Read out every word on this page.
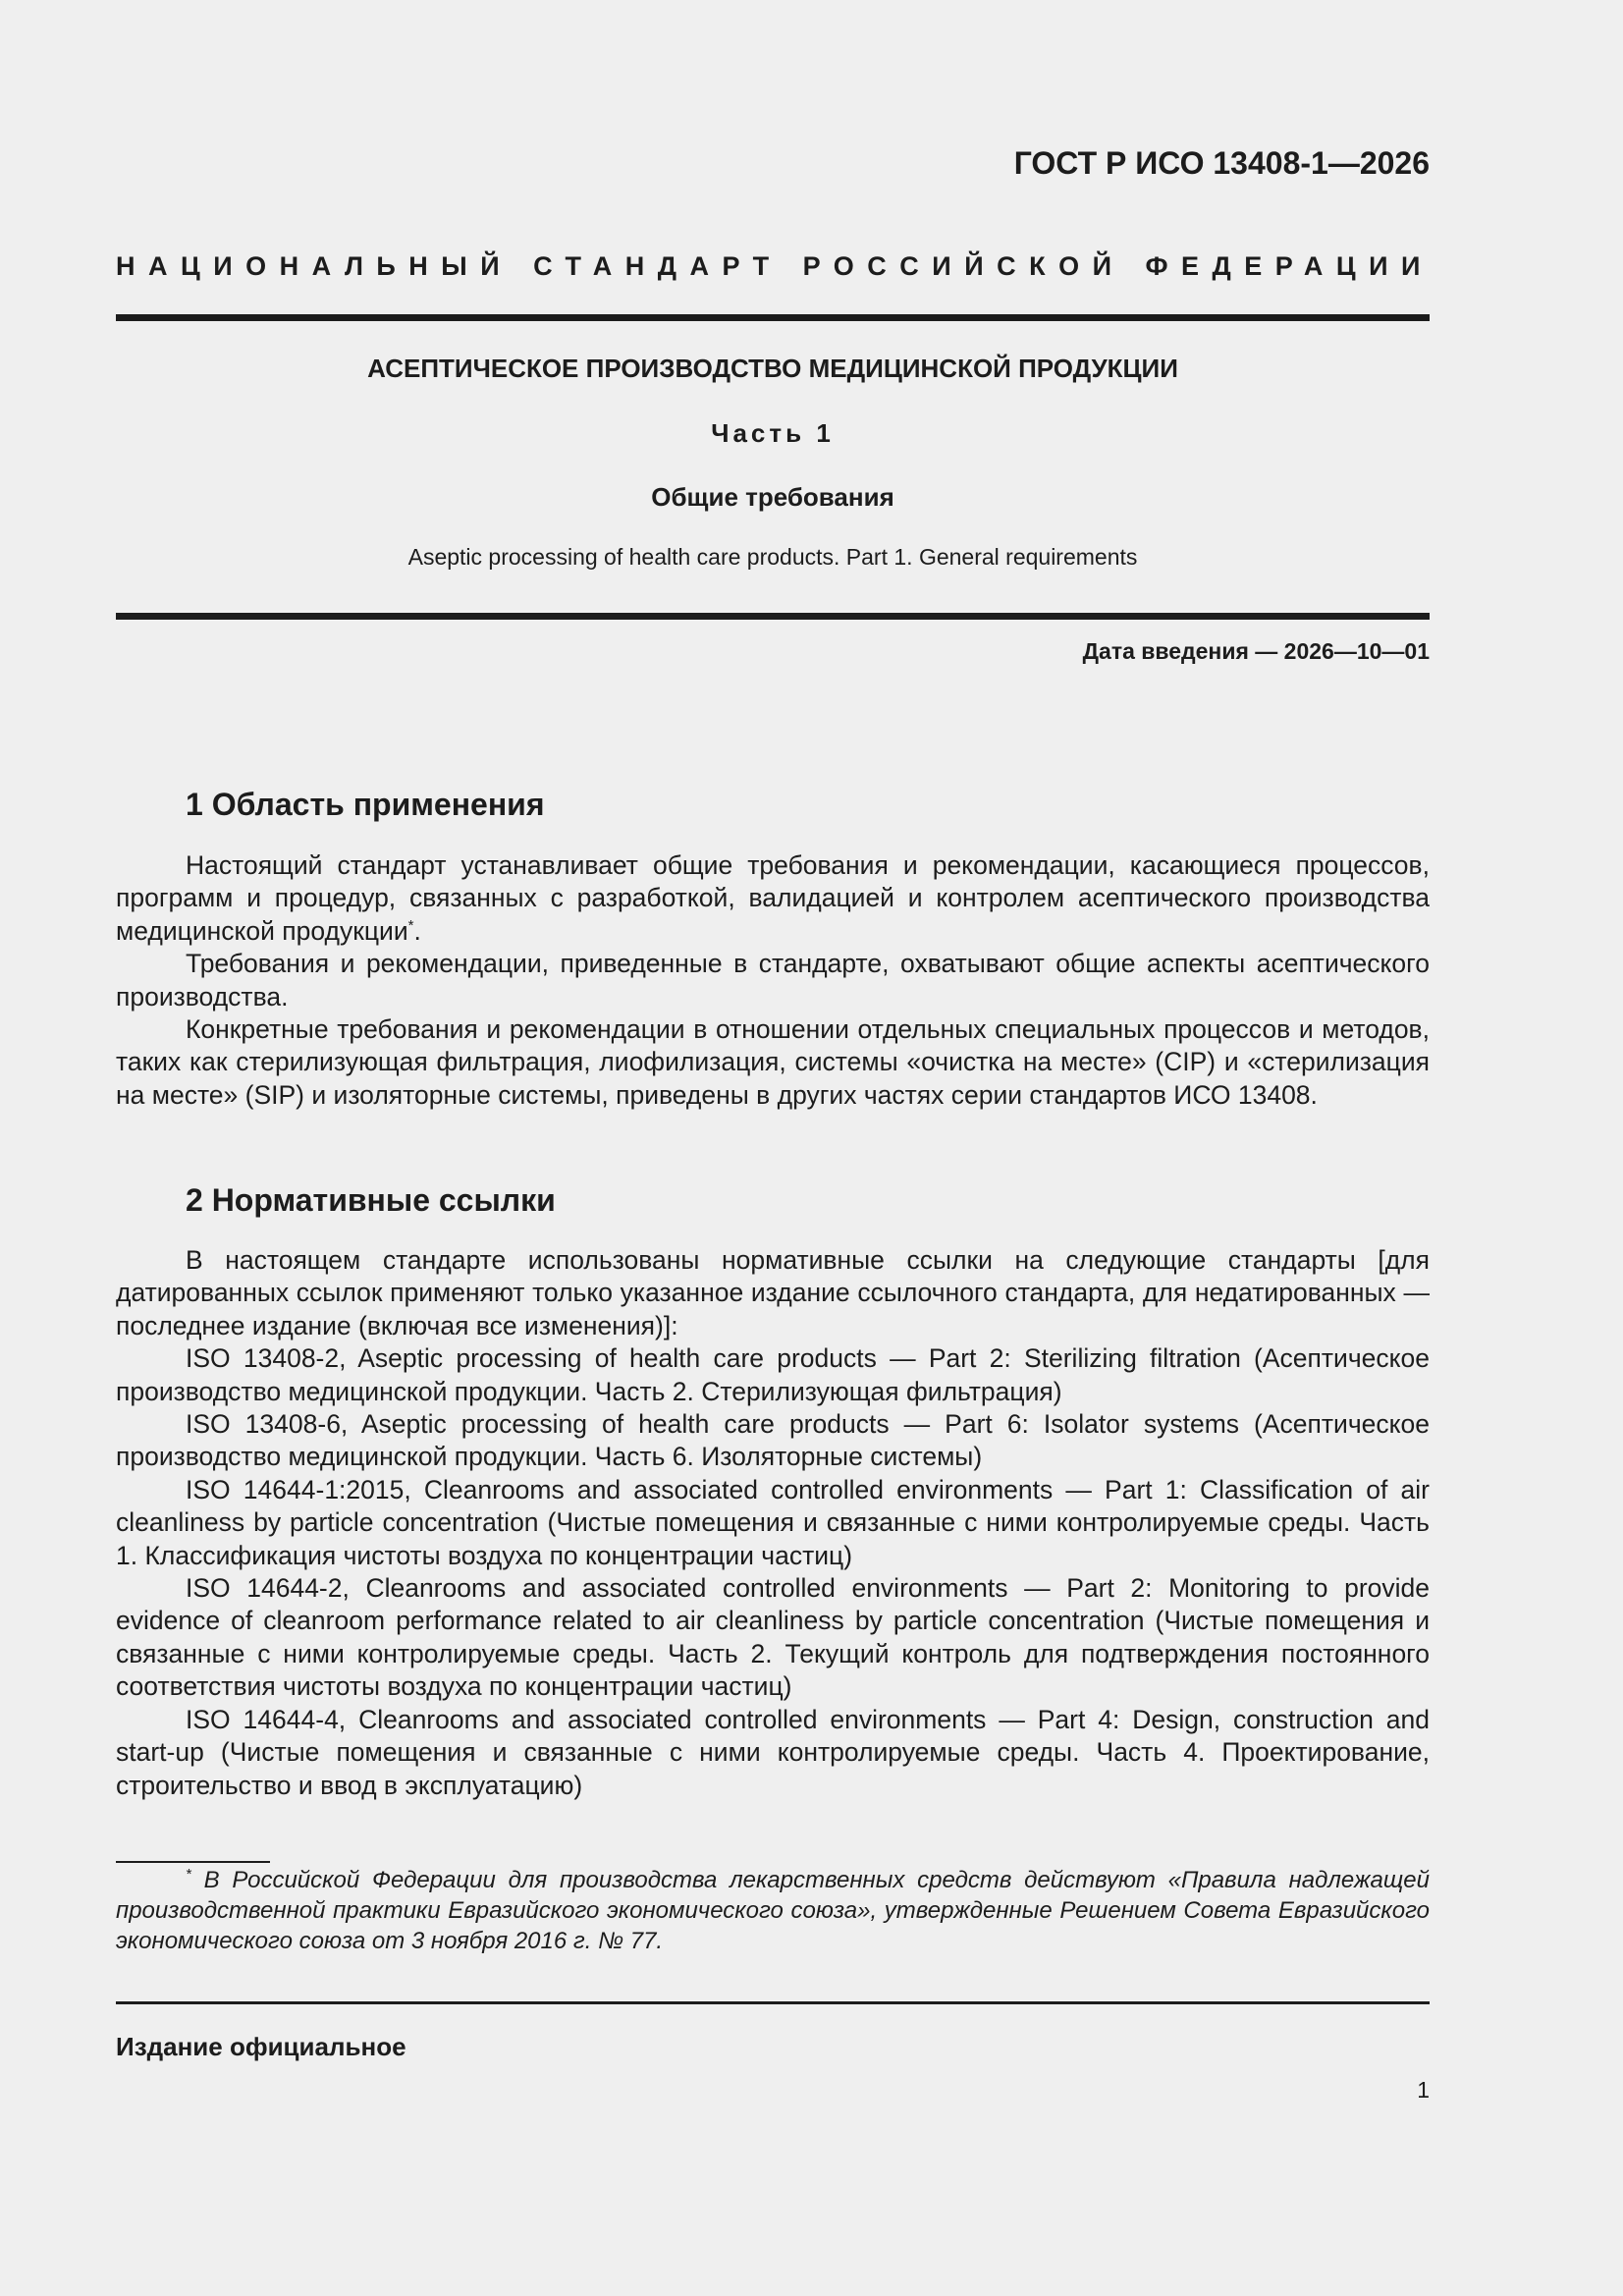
ГОСТ Р ИСО 13408-1—2026
НАЦИОНАЛЬНЫЙ СТАНДАРТ РОССИЙСКОЙ ФЕДЕРАЦИИ
АСЕПТИЧЕСКОЕ ПРОИЗВОДСТВО МЕДИЦИНСКОЙ ПРОДУКЦИИ
Часть 1
Общие требования
Aseptic processing of health care products. Part 1. General requirements
Дата введения — 2026—10—01
1 Область применения

Настоящий стандарт устанавливает общие требования и рекомендации, касающиеся процессов, программ и процедур, связанных с разработкой, валидацией и контролем асептического производства медицинской продукции*.

Требования и рекомендации, приведенные в стандарте, охватывают общие аспекты асептического производства.

Конкретные требования и рекомендации в отношении отдельных специальных процессов и методов, таких как стерилизующая фильтрация, лиофилизация, системы «очистка на месте» (CIP) и «стерилизация на месте» (SIP) и изоляторные системы, приведены в других частях серии стандартов ИСО 13408.

2 Нормативные ссылки

В настоящем стандарте использованы нормативные ссылки на следующие стандарты [для датированных ссылок применяют только указанное издание ссылочного стандарта, для недатированных — последнее издание (включая все изменения)]:

ISO 13408-2, Aseptic processing of health care products — Part 2: Sterilizing filtration (Асептическое производство медицинской продукции. Часть 2. Стерилизующая фильтрация)

ISO 13408-6, Aseptic processing of health care products — Part 6: Isolator systems (Асептическое производство медицинской продукции. Часть 6. Изоляторные системы)

ISO 14644-1:2015, Cleanrooms and associated controlled environments — Part 1: Classification of air cleanliness by particle concentration (Чистые помещения и связанные с ними контролируемые среды. Часть 1. Классификация чистоты воздуха по концентрации частиц)

ISO 14644-2, Cleanrooms and associated controlled environments — Part 2: Monitoring to provide evidence of cleanroom performance related to air cleanliness by particle concentration (Чистые помещения и связанные с ними контролируемые среды. Часть 2. Текущий контроль для подтверждения постоянного соответствия чистоты воздуха по концентрации частиц)

ISO 14644-4, Cleanrooms and associated controlled environments — Part 4: Design, construction and start-up (Чистые помещения и связанные с ними контролируемые среды. Часть 4. Проектирование, строительство и ввод в эксплуатацию)

* В Российской Федерации для производства лекарственных средств действуют «Правила надлежащей производственной практики Евразийского экономического союза», утвержденные Решением Совета Евразийского экономического союза от 3 ноября 2016 г. № 77.
Издание официальное
1
